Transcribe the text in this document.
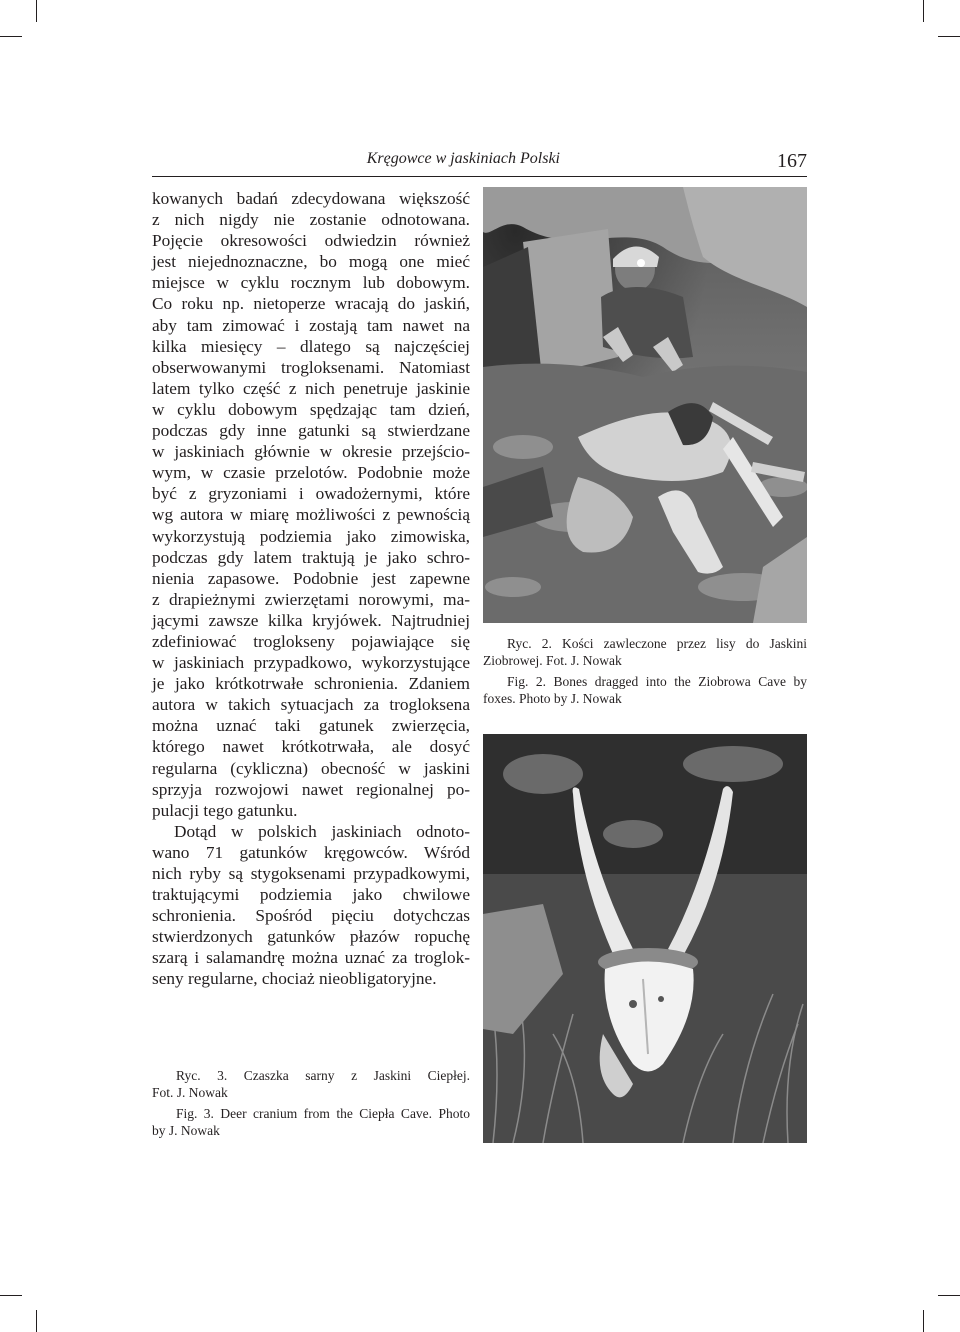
Kręgowce w jaskiniach Polski	167
kowanych badań zdecydowana większość
z nich nigdy nie zostanie odnotowana.
Pojęcie okresowości odwiedzin również
jest niejednoznaczne, bo mogą one mieć
miejsce w cyklu rocznym lub dobowym.
Co roku np. nietoperze wracają do jaskiń,
aby tam zimować i zostają tam nawet na
kilka miesięcy – dlatego są najczęściej
obserwowanymi trogloksenami. Natomiast
latem tylko część z nich penetruje jaskinie
w cyklu dobowym spędzając tam dzień,
podczas gdy inne gatunki są stwierdzane
w jaskiniach głównie w okresie przejścio-
wym, w czasie przelotów. Podobnie może
być z gryzoniami i owadożernymi, które
wg autora w miarę możliwości z pewnością
wykorzystują podziemia jako zimowiska,
podczas gdy latem traktują je jako schro-
nienia zapasowe. Podobnie jest zapewne
z drapieżnymi zwierzętami norowymi, ma-
jącymi zawsze kilka kryjówek. Najtrudniej
zdefiniować troglokseny pojawiające się
w jaskiniach przypadkowo, wykorzystujące
je jako krótkotrwałe schronienia. Zdaniem
autora w takich sytuacjach za trogloksena
można uznać taki gatunek zwierzęcia,
którego nawet krótkotrwała, ale dosyć
regularna (cykliczna) obecność w jaskini
sprzyja rozwojowi nawet regionalnej po-
pulacji tego gatunku.
Dotąd w polskich jaskiniach odnoto-
wano 71 gatunków kręgowców. Wśród
nich ryby są stygoksenami przypadkowymi,
traktującymi podziemia jako chwilowe
schronienia. Spośród pięciu dotychczas
stwierdzonych gatunków płazów ropuchę
szarą i salamandrę można uznać za troglok-
seny regularne, chociaż nieobligatoryjne.
Ryc. 2. Kości zawleczone przez lisy do Jaskini
Ziobrowej. Fot. J. Nowak
Fig. 2. Bones dragged into the Ziobrowa Cave by
foxes. Photo by J. Nowak
Ryc. 3. Czaszka sarny z Jaskini Ciepłej.
Fot. J. Nowak
Fig. 3. Deer cranium from the Ciepła Cave. Photo
by J. Nowak
